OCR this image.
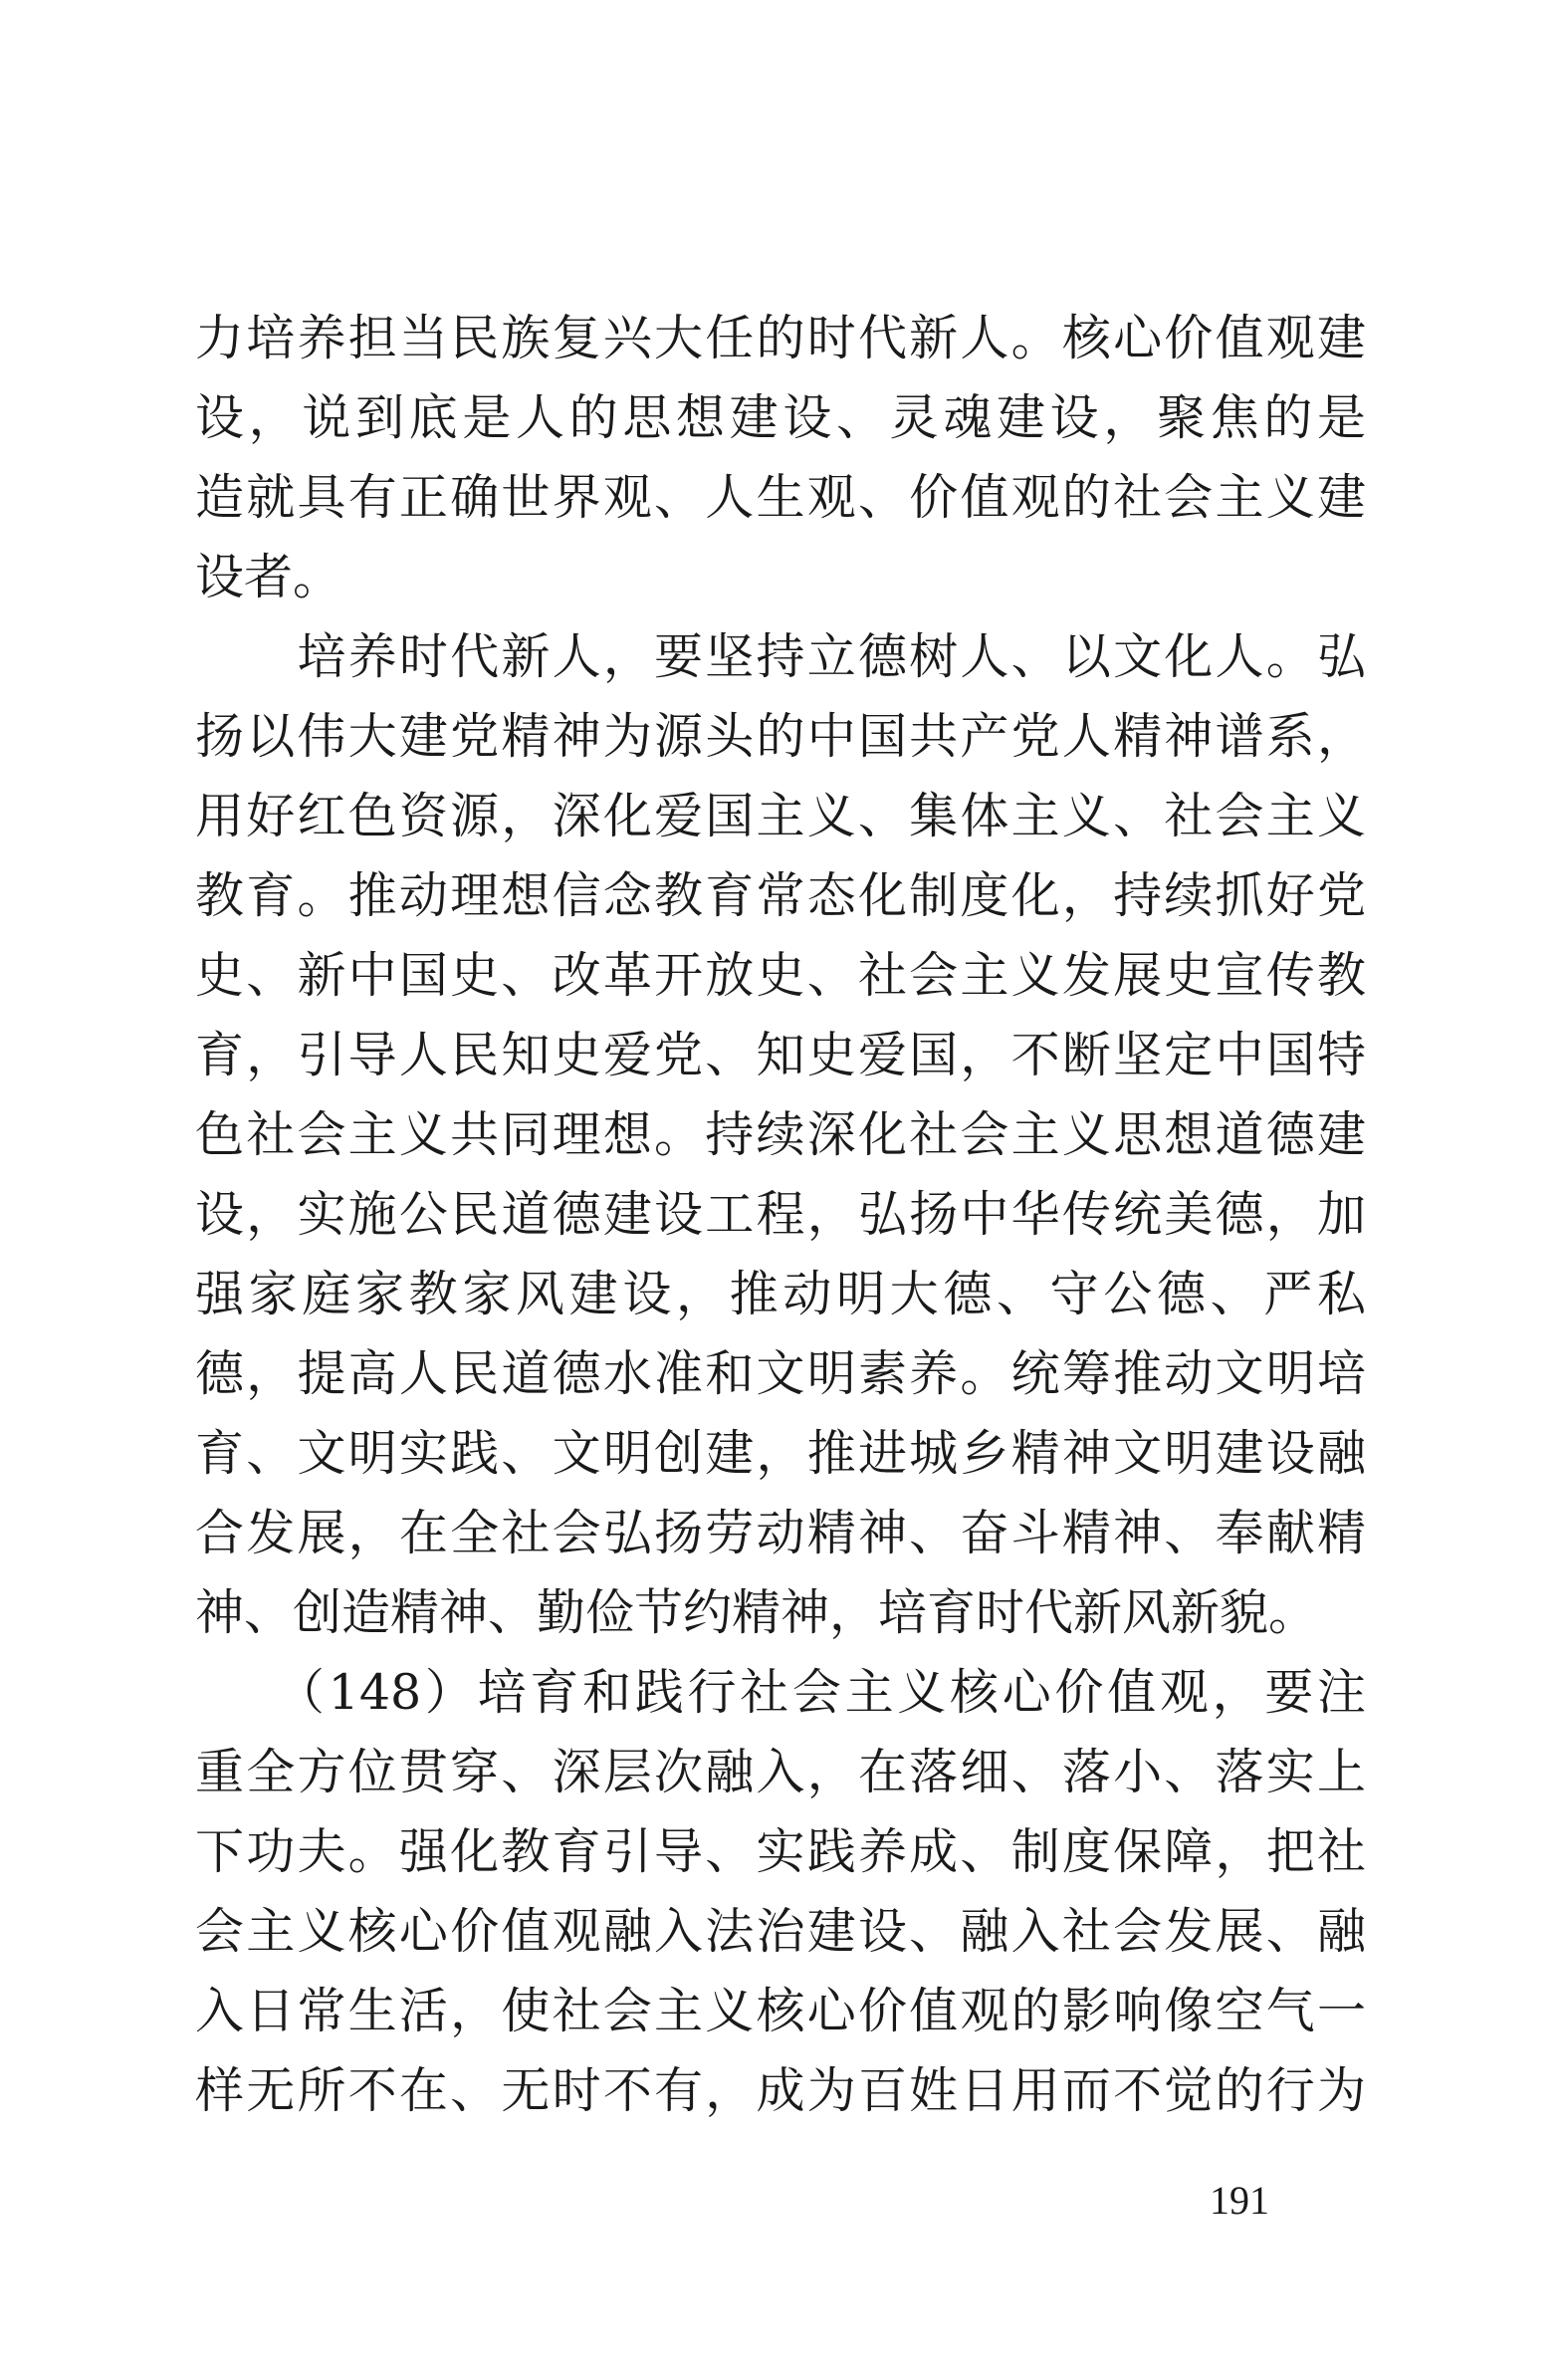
力培养担当民族复兴大任的时代新人。核心价值观建
设，说到底是人的思想建设、灵魂建设，聚焦的是
造就具有正确世界观、人生观、价值观的社会主义建
设者。
　　培养时代新人，要坚持立德树人、以文化人。弘
扬以伟大建党精神为源头的中国共产党人精神谱系，
用好红色资源，深化爱国主义、集体主义、社会主义
教育。推动理想信念教育常态化制度化，持续抓好党
史、新中国史、改革开放史、社会主义发展史宣传教
育，引导人民知史爱党、知史爱国，不断坚定中国特
色社会主义共同理想。持续深化社会主义思想道德建
设，实施公民道德建设工程，弘扬中华传统美德，加
强家庭家教家风建设，推动明大德、守公德、严私
德，提高人民道德水准和文明素养。统筹推动文明培
育、文明实践、文明创建，推进城乡精神文明建设融
合发展，在全社会弘扬劳动精神、奋斗精神、奉献精
神、创造精神、勤俭节约精神，培育时代新风新貌。
　　（148）培育和践行社会主义核心价值观，要注
重全方位贯穿、深层次融入，在落细、落小、落实上
下功夫。强化教育引导、实践养成、制度保障，把社
会主义核心价值观融入法治建设、融入社会发展、融
入日常生活，使社会主义核心价值观的影响像空气一
样无所不在、无时不有，成为百姓日用而不觉的行为
191
